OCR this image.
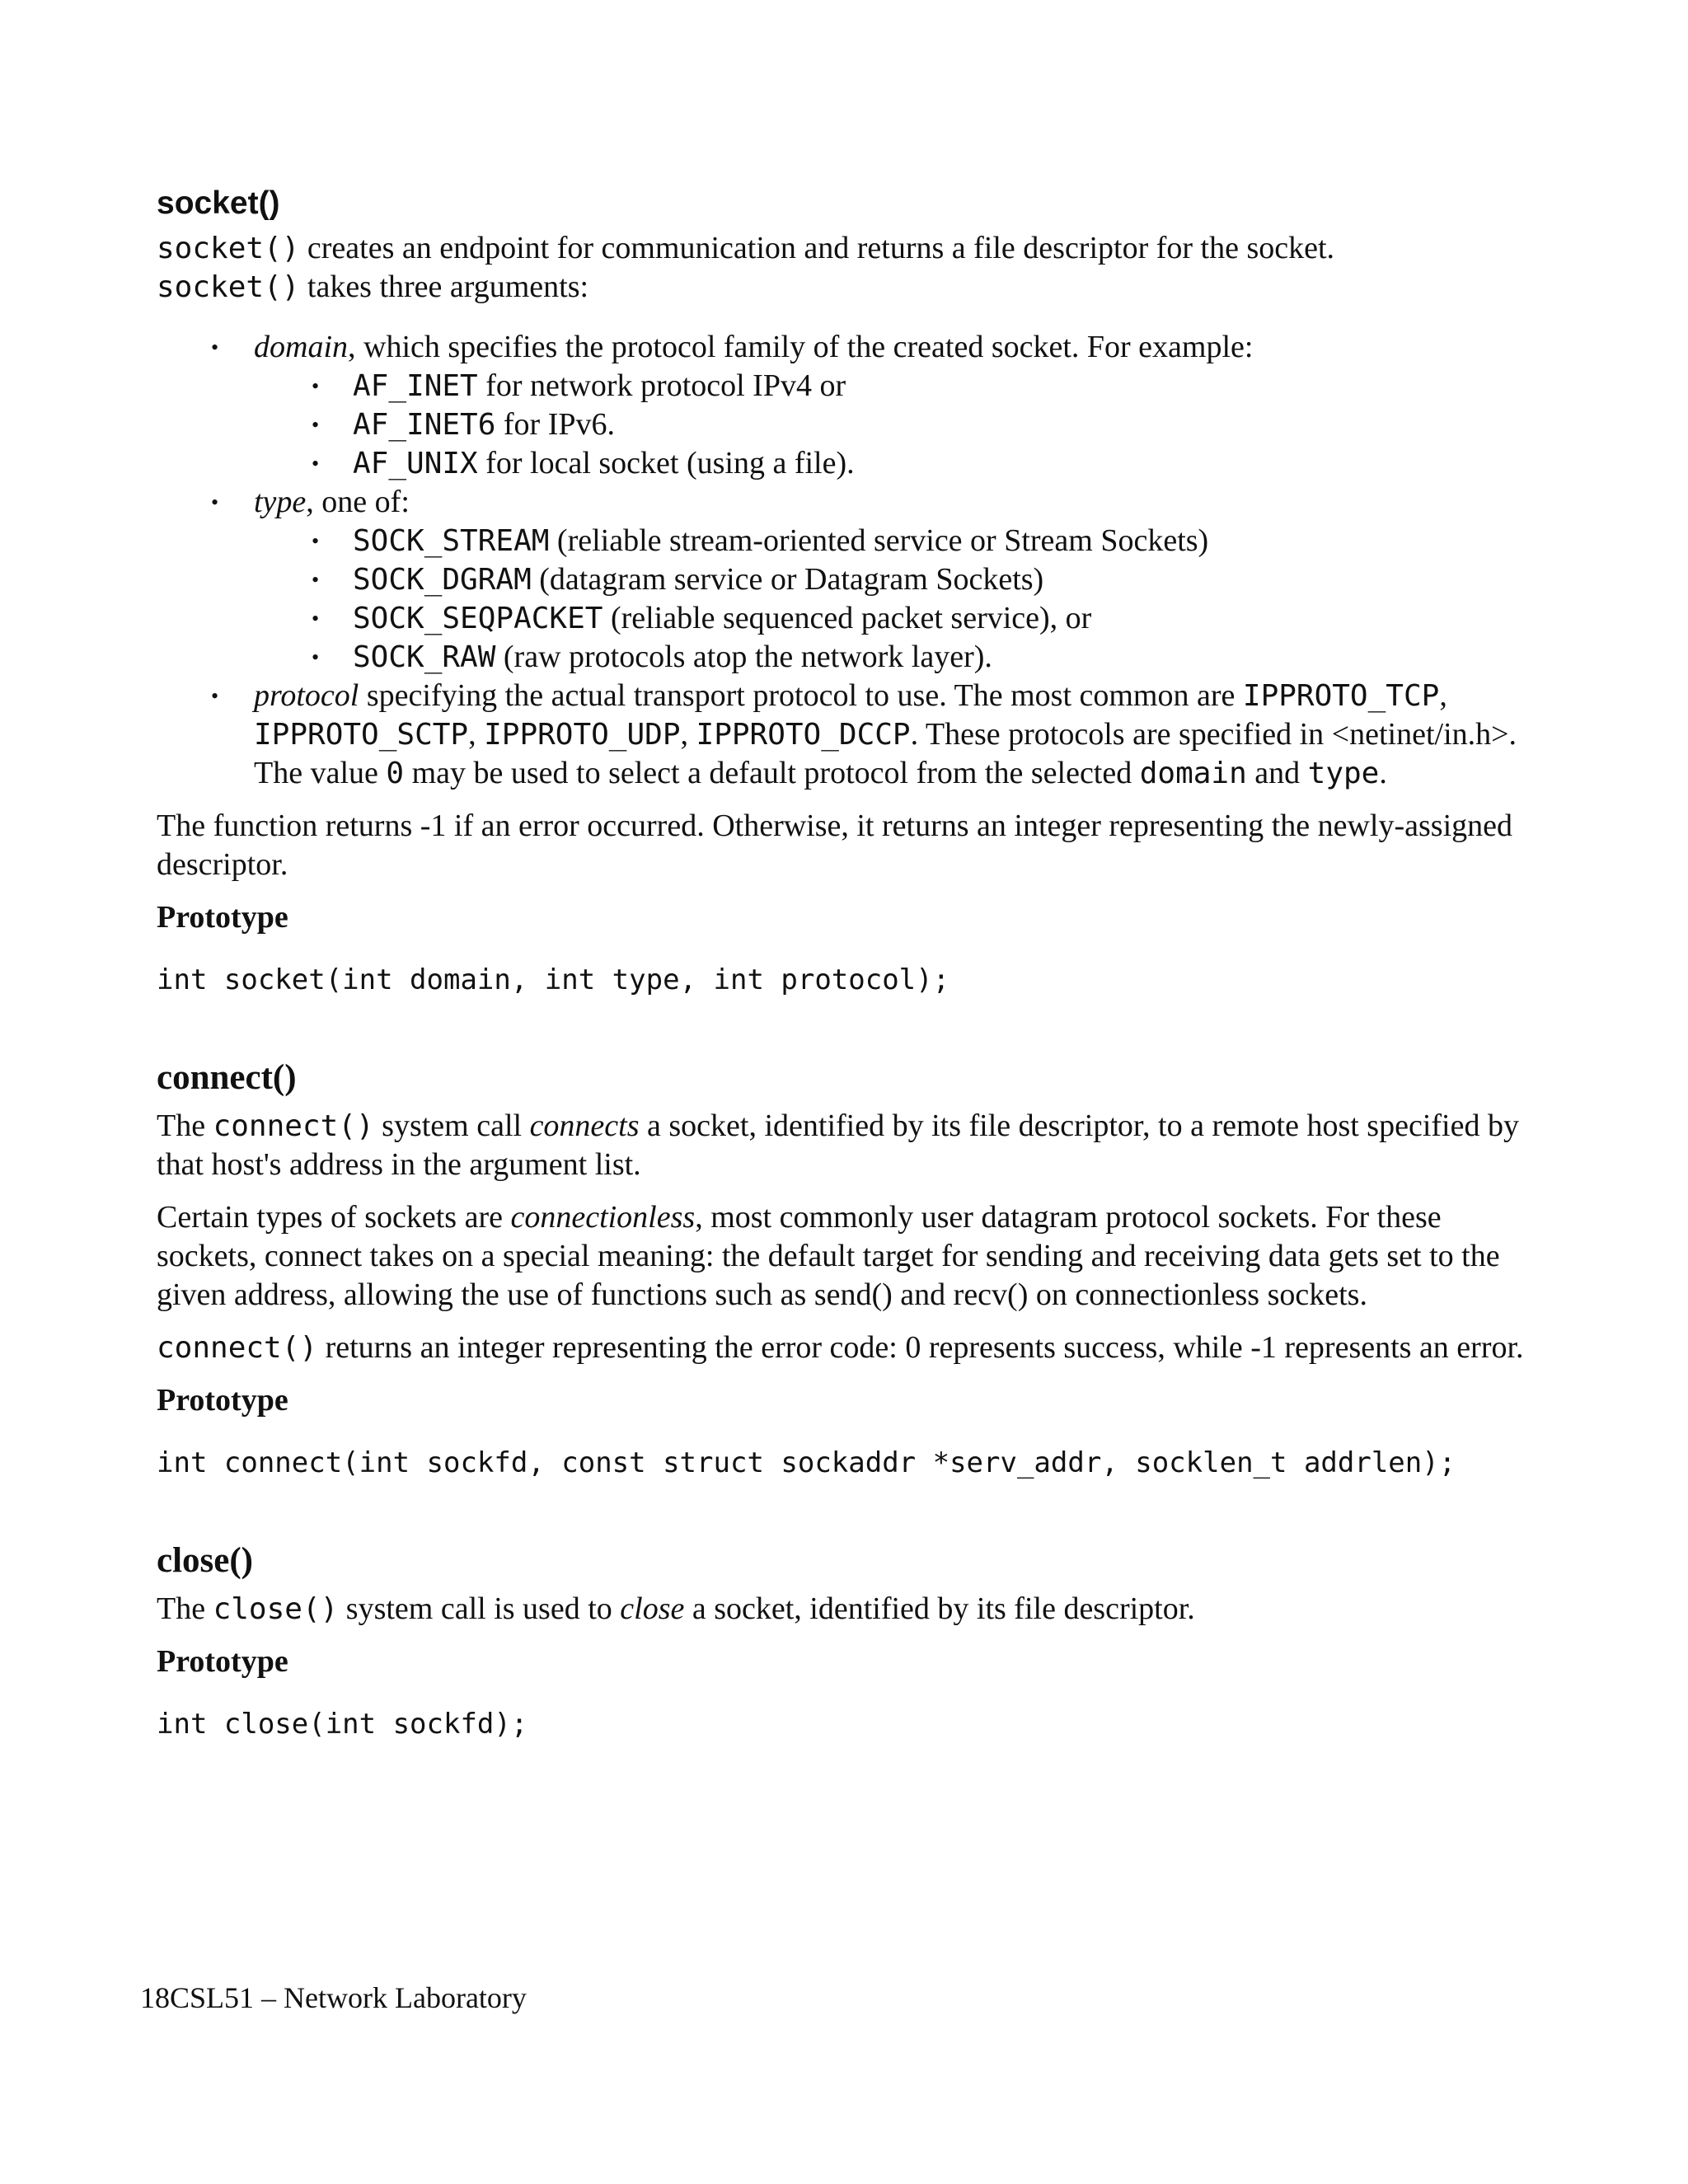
socket()

socket() creates an endpoint for communication and returns a file descriptor for the socket.
socket() takes three arguments:

• domain, which specifies the protocol family of the created socket. For example:
• AF_INET for network protocol IPv4 or
• AF_INET6 for IPv6.
• AF_UNIX for local socket (using a file).
• type, one of:
• SOCK_STREAM (reliable stream-oriented service or Stream Sockets)
• SOCK_DGRAM (datagram service or Datagram Sockets)
• SOCK_SEQPACKET (reliable sequenced packet service), or
• SOCK_RAW (raw protocols atop the network layer).
• protocol specifying the actual transport protocol to use. The most common are IPPROTO_TCP, IPPROTO_SCTP, IPPROTO_UDP, IPPROTO_DCCP. These protocols are specified in <netinet/in.h>. The value 0 may be used to select a default protocol from the selected domain and type.

The function returns -1 if an error occurred. Otherwise, it returns an integer representing the newly-assigned descriptor.

Prototype
int socket(int domain, int type, int protocol);
connect()

The connect() system call connects a socket, identified by its file descriptor, to a remote host specified by that host's address in the argument list.

Certain types of sockets are connectionless, most commonly user datagram protocol sockets. For these sockets, connect takes on a special meaning: the default target for sending and receiving data gets set to the given address, allowing the use of functions such as send() and recv() on connectionless sockets.

connect() returns an integer representing the error code: 0 represents success, while -1 represents an error.

Prototype
int connect(int sockfd, const struct sockaddr *serv_addr, socklen_t addrlen);
close()

The close() system call is used to close a socket, identified by its file descriptor.

Prototype
int close(int sockfd);
18CSL51 – Network Laboratory
